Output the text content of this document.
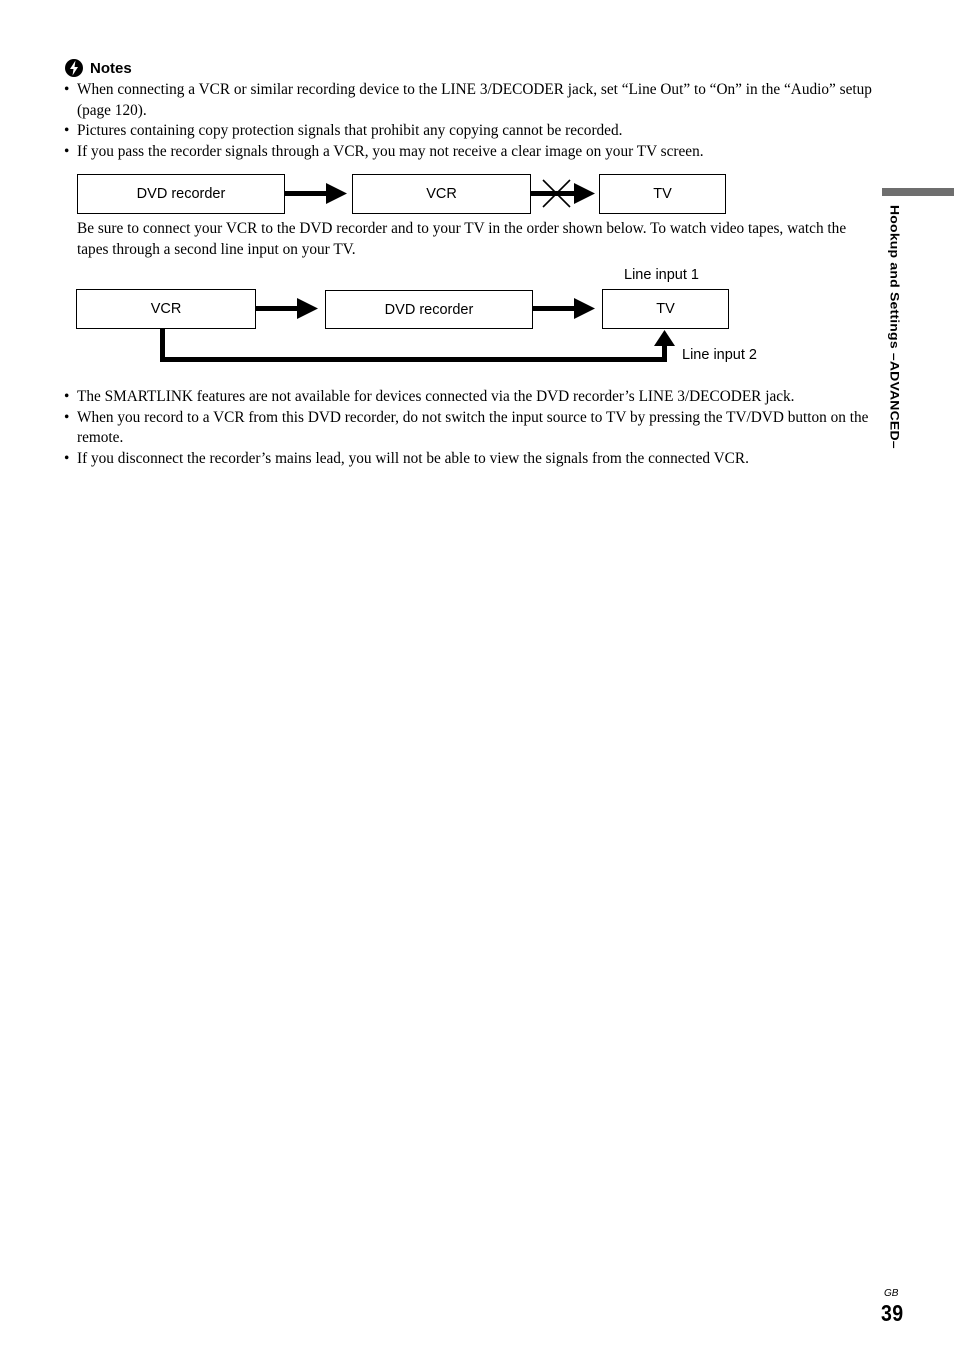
Notes
• When connecting a VCR or similar recording device to the LINE 3/DECODER jack, set “Line Out” to “On” in the “Audio” setup (page 120).
• Pictures containing copy protection signals that prohibit any copying cannot be recorded.
• If you pass the recorder signals through a VCR, you may not receive a clear image on your TV screen.
DVD recorder	VCR	TV

Be sure to connect your VCR to the DVD recorder and to your TV in the order shown below. To watch video tapes, watch the tapes through a second line input on your TV.

Line input 1
VCR	DVD recorder	TV
Line input 2
• The SMARTLINK features are not available for devices connected via the DVD recorder’s LINE 3/DECODER jack.
• When you record to a VCR from this DVD recorder, do not switch the input source to TV by pressing the TV/DVD button on the remote.
• If you disconnect the recorder’s mains lead, you will not be able to view the signals from the connected VCR.
Hookup and Settings –ADVANCED–
GB
39
